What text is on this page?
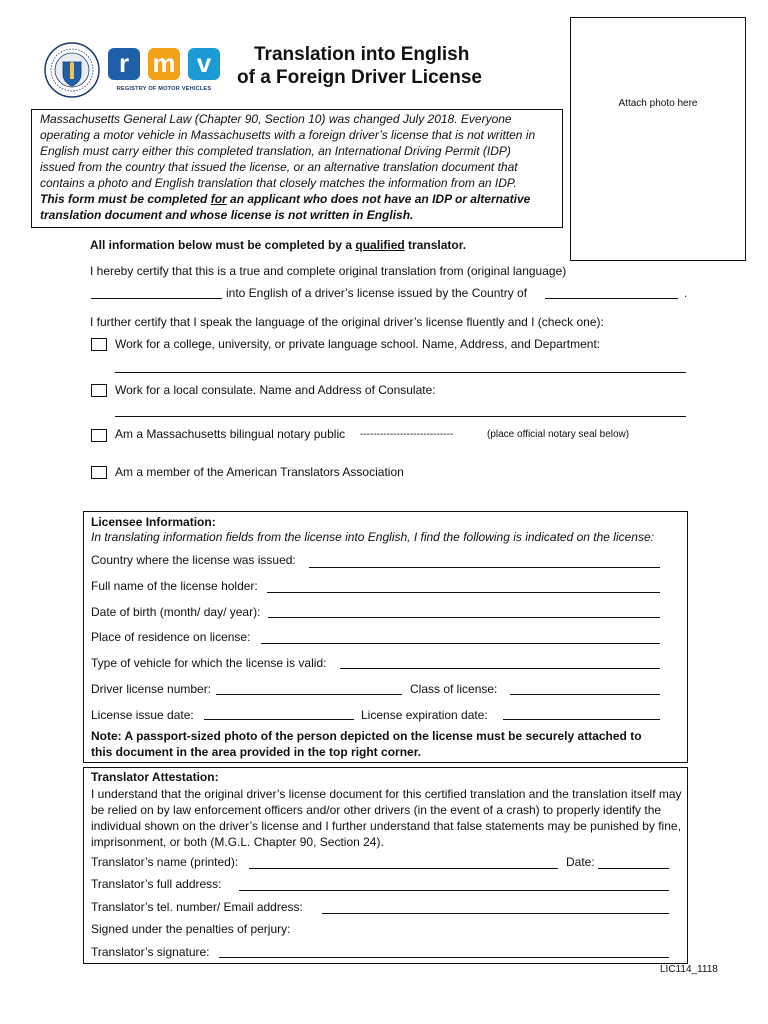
r m v
REGISTRY OF MOTOR VEHICLES
Translation into English
of a Foreign Driver License
Attach photo here
Massachusetts General Law (Chapter 90, Section 10) was changed July 2018. Everyone
operating a motor vehicle in Massachusetts with a foreign driver’s license that is not written in
English must carry either this completed translation, an International Driving Permit (IDP)
issued from the country that issued the license, or an alternative translation document that
contains a photo and English translation that closely matches the information from an IDP.
This form must be completed for an applicant who does not have an IDP or alternative
translation document and whose license is not written in English.
All information below must be completed by a qualified translator.
I hereby certify that this is a true and complete original translation from (original language)
into English of a driver’s license issued by the Country of	.
I further certify that I speak the language of the original driver’s license fluently and I (check one):
Work for a college, university, or private language school. Name, Address, and Department:
Work for a local consulate. Name and Address of Consulate:
Am a Massachusetts bilingual notary public ----------------------------	(place official notary seal below)
Am a member of the American Translators Association
Licensee Information:
In translating information fields from the license into English, I find the following is indicated on the license:
Country where the license was issued:
Full name of the license holder:
Date of birth (month/ day/ year):
Place of residence on license:
Type of vehicle for which the license is valid:
Driver license number:	Class of license:
License issue date:	License expiration date:
Note: A passport-sized photo of the person depicted on the license must be securely attached to
this document in the area provided in the top right corner.
Translator Attestation:
I understand that the original driver’s license document for this certified translation and the translation itself may be relied on by law enforcement officers and/or other drivers (in the event of a crash) to properly identify the individual shown on the driver’s license and I further understand that false statements may be punished by fine, imprisonment, or both (M.G.L. Chapter 90, Section 24).
Translator’s name (printed):	Date:
Translator’s full address:
Translator’s tel. number/ Email address:
Signed under the penalties of perjury:
Translator’s signature:
LIC114_1118
